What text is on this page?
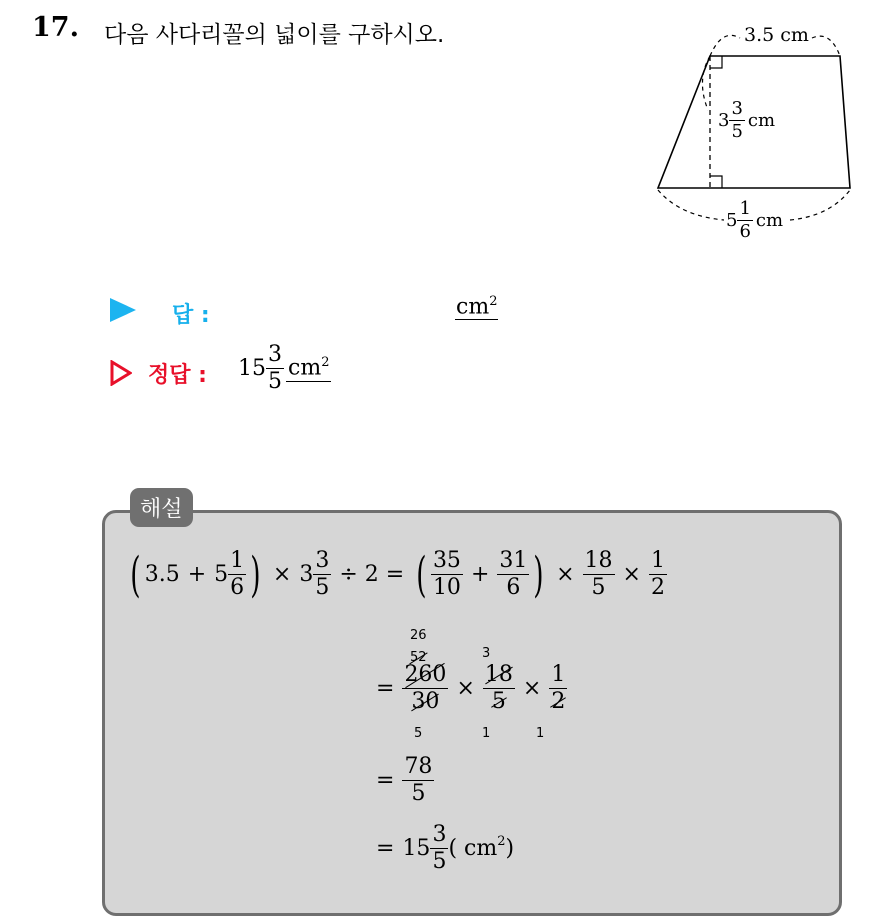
17. 다음 사다리꼴의 넓이를 구하시오.	3.5 cm
$3 \frac{3}{5}$ cm
$5 \frac{1}{6}$ cm
답 :	$cm^2$
정답 : $15 \frac{3}{5} cm^2$
해설
( $3.5 + 5 \frac{1}{6}$ ) × $3 \frac{3}{5} \div 2$ = ( $\frac{35}{10} + \frac{31}{6}$ ) × $\frac{18}{5} \times \frac{1}{2}$
26
52	3
= $\frac{260}{30} \times \frac{18}{5} \times \frac{1}{2}$
5	1	1
= $\frac{78}{5}$
= $15 \frac{3}{5}$ ( $cm^2$ )
